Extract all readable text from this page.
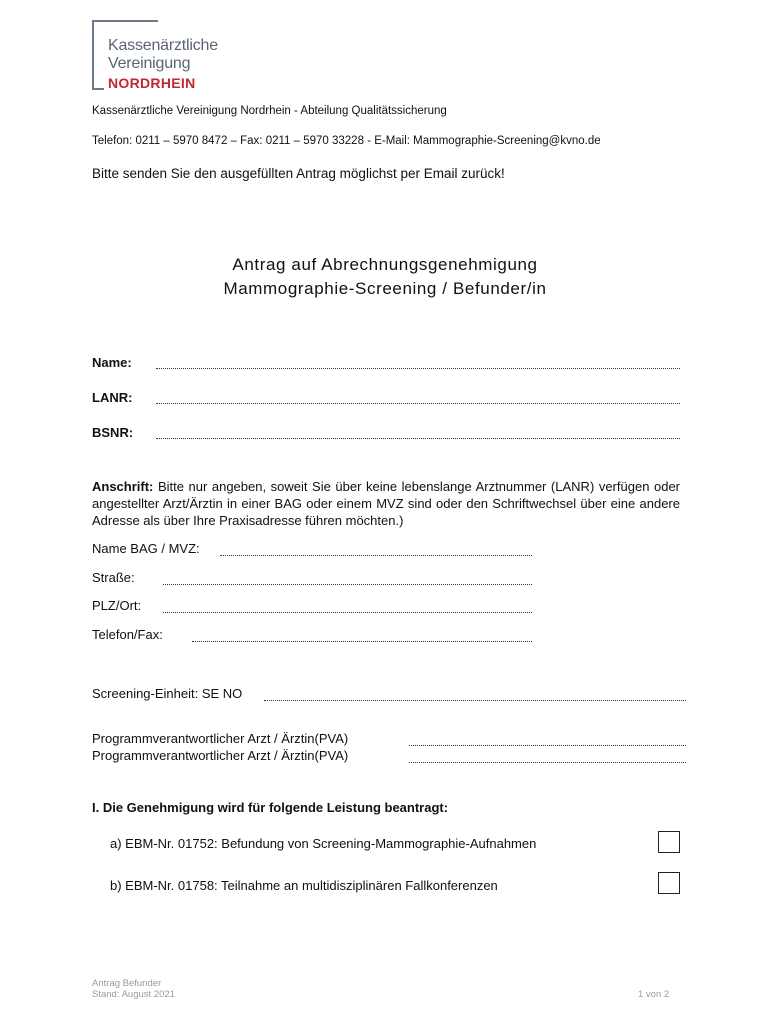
Kassenärztliche
Vereinigung
NORDRHEIN
Kassenärztliche Vereinigung Nordrhein - Abteilung Qualitätssicherung
Telefon: 0211 – 5970 8472 – Fax: 0211 – 5970 33228 - E-Mail: Mammographie-Screening@kvno.de
Bitte senden Sie den ausgefüllten Antrag möglichst per Email zurück!
Antrag auf Abrechnungsgenehmigung
Mammographie-Screening / Befunder/in
Name:
LANR:
BSNR:
Anschrift: Bitte nur angeben, soweit Sie über keine lebenslange Arztnummer (LANR) verfügen oder angestellter Arzt/Ärztin in einer BAG oder einem MVZ sind oder den Schriftwechsel über eine andere Adresse als über Ihre Praxisadresse führen möchten.)
Name BAG / MVZ:
Straße:
PLZ/Ort:
Telefon/Fax:
Screening-Einheit: SE NO
Programmverantwortlicher Arzt / Ärztin(PVA)
Programmverantwortlicher Arzt / Ärztin(PVA)
I. Die Genehmigung wird für folgende Leistung beantragt:
a) EBM-Nr. 01752: Befundung von Screening-Mammographie-Aufnahmen
b) EBM-Nr. 01758: Teilnahme an multidisziplinären Fallkonferenzen
Antrag Befunder
Stand: August 2021	1 von 2
